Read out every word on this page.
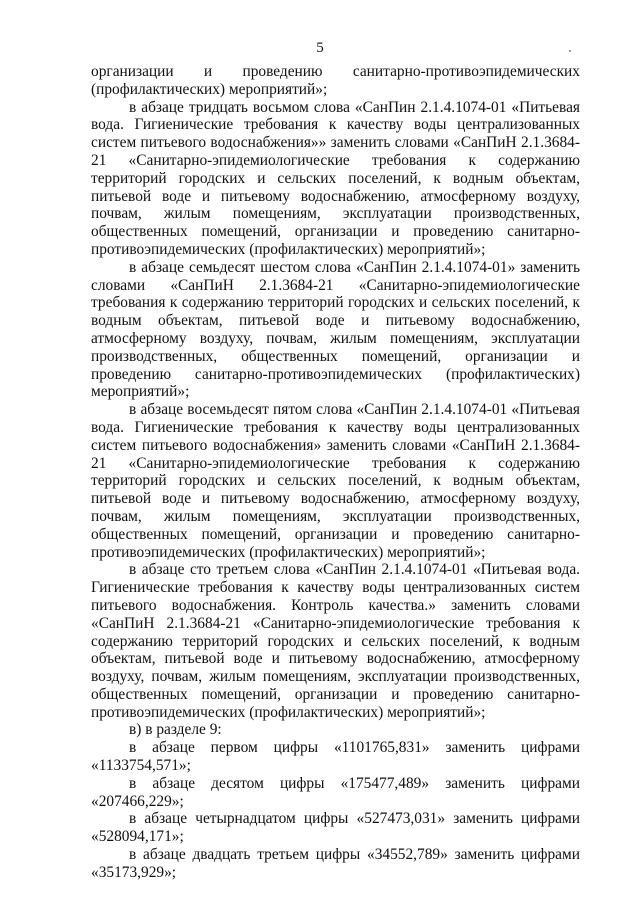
5

организации и проведению санитарно-противоэпидемических (профилактических) мероприятий»;

в абзаце тридцать восьмом слова «СанПин 2.1.4.1074-01 «Питьевая вода. Гигиенические требования к качеству воды централизованных систем питьевого водоснабжения»» заменить словами «СанПиН 2.1.3684-21 «Санитарно-эпидемиологические требования к содержанию территорий городских и сельских поселений, к водным объектам, питьевой воде и питьевому водоснабжению, атмосферному воздуху, почвам, жилым помещениям, эксплуатации производственных, общественных помещений, организации и проведению санитарно-противоэпидемических (профилактических) мероприятий»;

в абзаце семьдесят шестом слова «СанПин 2.1.4.1074-01» заменить словами «СанПиН 2.1.3684-21 «Санитарно-эпидемиологические требования к содержанию территорий городских и сельских поселений, к водным объектам, питьевой воде и питьевому водоснабжению, атмосферному воздуху, почвам, жилым помещениям, эксплуатации производственных, общественных помещений, организации и проведению санитарно-противоэпидемических (профилактических) мероприятий»;

в абзаце восемьдесят пятом слова «СанПин 2.1.4.1074-01 «Питьевая вода. Гигиенические требования к качеству воды централизованных систем питьевого водоснабжения» заменить словами «СанПиН 2.1.3684-21 «Санитарно-эпидемиологические требования к содержанию территорий городских и сельских поселений, к водным объектам, питьевой воде и питьевому водоснабжению, атмосферному воздуху, почвам, жилым помещениям, эксплуатации производственных, общественных помещений, организации и проведению санитарно-противоэпидемических (профилактических) мероприятий»;

в абзаце сто третьем слова «СанПин 2.1.4.1074-01 «Питьевая вода. Гигиенические требования к качеству воды централизованных систем питьевого водоснабжения. Контроль качества.» заменить словами «СанПиН 2.1.3684-21 «Санитарно-эпидемиологические требования к содержанию территорий городских и сельских поселений, к водным объектам, питьевой воде и питьевому водоснабжению, атмосферному воздуху, почвам, жилым помещениям, эксплуатации производственных, общественных помещений, организации и проведению санитарно-противоэпидемических (профилактических) мероприятий»;

в) в разделе 9:

в абзаце первом цифры «1101765,831» заменить цифрами «1133754,571»;

в абзаце десятом цифры «175477,489» заменить цифрами «207466,229»;

в абзаце четырнадцатом цифры «527473,031» заменить цифрами «528094,171»;

в абзаце двадцать третьем цифры «34552,789» заменить цифрами «35173,929»;
